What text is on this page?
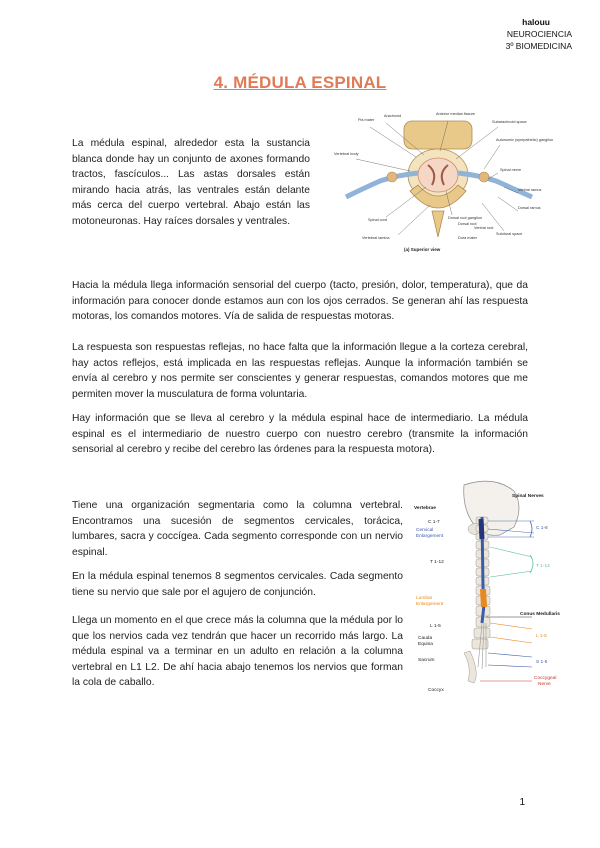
halouu
NEUROCIENCIA
3º BIOMEDICINA
4. MÉDULA ESPINAL

La médula espinal, alrededor esta la sustancia blanca donde hay un conjunto de axones formando tractos, fascículos... Las astas dorsales están mirando hacia atrás, las ventrales están delante más cerca del cuerpo vertebral. Abajo están las motoneuronas. Hay raíces dorsales y ventrales.

Pia mater
Arachnoid	Anterior median fissure
Vertebral body
Subarachnoid space
Autonomic (sympathetic) ganglion
Spinal nerve
Ventral ramus
Dorsal ramus
Dorsal root ganglion
Spinal cord
Vertebral lamina	Dura mater
Ventral root
Dorsal root
Subdural space
(a) Superior view

Hacia la médula llega información sensorial del cuerpo (tacto, presión, dolor, temperatura), que da información para conocer donde estamos aun con los ojos cerrados. Se generan ahí las respuesta motoras, los comandos motores. Vía de salida de respuestas motoras.

La respuesta son respuestas reflejas, no hace falta que la información llegue a la corteza cerebral, hay actos reflejos, está implicada en las respuestas reflejas. Aunque la información también se envía al cerebro y nos permite ser conscientes y generar respuestas, comandos motores que me permiten mover la musculatura de forma voluntaria.

Hay información que se lleva al cerebro y la médula espinal hace de intermediario. La médula espinal es el intermediario de nuestro cuerpo con nuestro cerebro (transmite la información sensorial al cerebro y recibe del cerebro las órdenes para la respuesta motora).

Tiene una organización segmentaria como la columna vertebral. Encontramos una sucesión de segmentos cervicales, torácica, lumbares, sacra y coccígea. Cada segmento corresponde con un nervio espinal.

En la médula espinal tenemos 8 segmentos cervicales. Cada segmento tiene su nervio que sale por el agujero de conjunción.

Llega un momento en el que crece más la columna que la médula por lo que los nervios cada vez tendrán que hacer un recorrido más largo. La médula espinal va a terminar en un adulto en relación a la columna vertebral en L1 L2. De ahí hacia abajo tenemos los nervios que forman la cola de caballo.

Vertebrae
C 1-7
Cervical
Enlargement
T 1-12
Lumbar
Enlargement
L 1-5
Cauda
Equina
Sacrum
Coccyx
Spinal Nerves
C 1-8
T 1-12
Conus Medullaris
L 1-5
S 1-5
Coccygeal
Nerve
1
